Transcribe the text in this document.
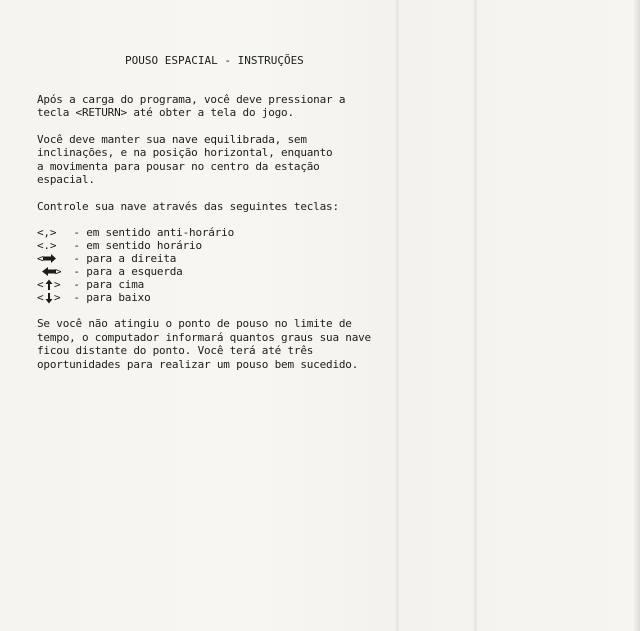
POUSO ESPACIAL - INSTRUÇÕES
Após a carga do programa, você deve pressionar a
tecla <RETURN> até obter a tela do jogo.
Você deve manter sua nave equilibrada, sem
inclinações, e na posição horizontal, enquanto
a movimenta para pousar no centro da estação
espacial.
Controle sua nave através das seguintes teclas:
<,> - em sentido anti-horário
<.> - em sentido horário
< - para a direita
> - para a esquerda
< > - para cima
< > - para baixo
Se você não atingiu o ponto de pouso no limite de
tempo, o computador informará quantos graus sua nave
ficou distante do ponto. Você terá até três
oportunidades para realizar um pouso bem sucedido.
